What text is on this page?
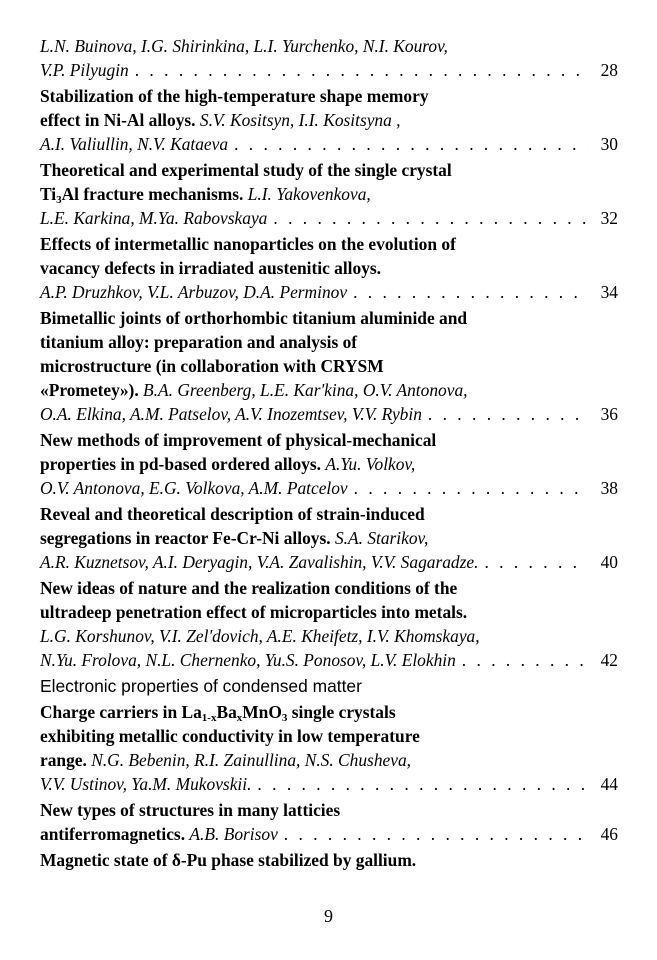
L.N. Buinova, I.G. Shirinkina, L.I. Yurchenko, N.I. Kourov,
V.P. Pilyugin . . .	28
Stabilization of the high-temperature shape memory
effect in Ni-Al alloys. S.V. Kositsyn, I.I. Kositsyna ,
A.I. Valiullin, N.V. Kataeva . . .	30
Theoretical and experimental study of the single crystal
$Ti_3Al$ fracture mechanisms. L.I. Yakovenkova,
L.E. Karkina, M.Ya. Rabovskaya . . .	32
Effects of intermetallic nanoparticles on the evolution of
vacancy defects in irradiated austenitic alloys.
A.P. Druzhkov, V.L. Arbuzov, D.A. Perminov . . .	34
Bimetallic joints of orthorhombic titanium aluminide and
titanium alloy: preparation and analysis of
microstructure (in collaboration with CRYSM
«Prometey»). B.A. Greenberg, L.E. Kar'kina, O.V. Antonova,
O.A. Elkina, A.M. Patselov, A.V. Inozemtsev, V.V. Rybin . . .	36
New methods of improvement of physical-mechanical
properties in pd-based ordered alloys. A.Yu. Volkov,
O.V. Antonova, E.G. Volkova, A.M. Patcelov . . .	38
Reveal and theoretical description of strain-induced
segregations in reactor Fe-Cr-Ni alloys. S.A. Starikov,
A.R. Kuznetsov, A.I. Deryagin, V.A. Zavalishin, V.V. Sagaradze. . . .	40
New ideas of nature and the realization conditions of the
ultradeep penetration effect of microparticles into metals.
L.G. Korshunov, V.I. Zel'dovich, A.E. Kheifetz, I.V. Khomskaya,
N.Yu. Frolova, N.L. Chernenko, Yu.S. Ponosov, L.V. Elokhin . . .	42
Electronic properties of condensed matter
Charge carriers in $La_{1-x}Ba_xMnO_3$ single crystals
exhibiting metallic conductivity in low temperature
range. N.G. Bebenin, R.I. Zainullina, N.S. Chusheva,
V.V. Ustinov, Ya.M. Mukovskii. . . .	44
New types of structures in many latticies
antiferromagnetics. A.B. Borisov . . .	46
Magnetic state of δ-Pu phase stabilized by gallium.
9
